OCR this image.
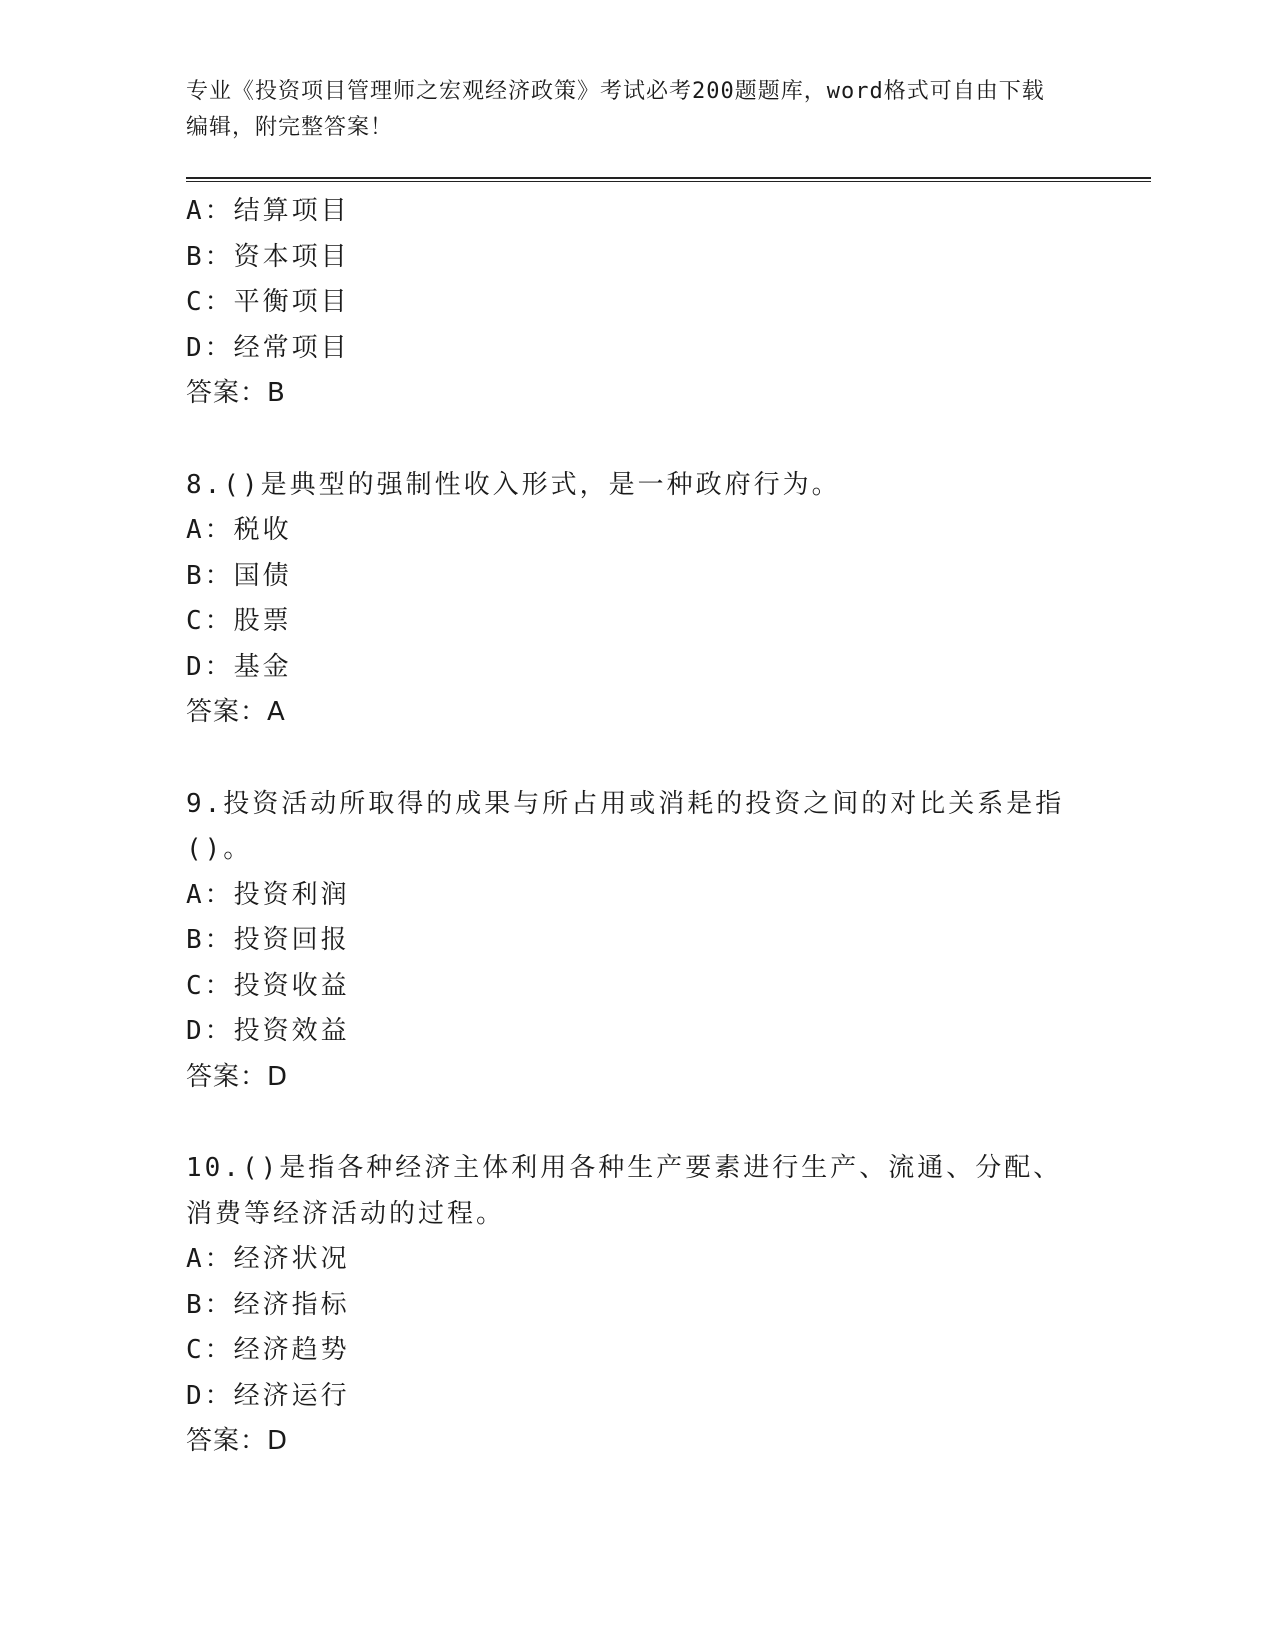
专业《投资项目管理师之宏观经济政策》考试必考200题题库，word格式可自由下载编辑，附完整答案！
A：结算项目
B：资本项目
C：平衡项目
D：经常项目
答案：B
8.()是典型的强制性收入形式，是一种政府行为。
A：税收
B：国债
C：股票
D：基金
答案：A
9.投资活动所取得的成果与所占用或消耗的投资之间的对比关系是指()。
A：投资利润
B：投资回报
C：投资收益
D：投资效益
答案：D
10.()是指各种经济主体利用各种生产要素进行生产、流通、分配、消费等经济活动的过程。
A：经济状况
B：经济指标
C：经济趋势
D：经济运行
答案：D
